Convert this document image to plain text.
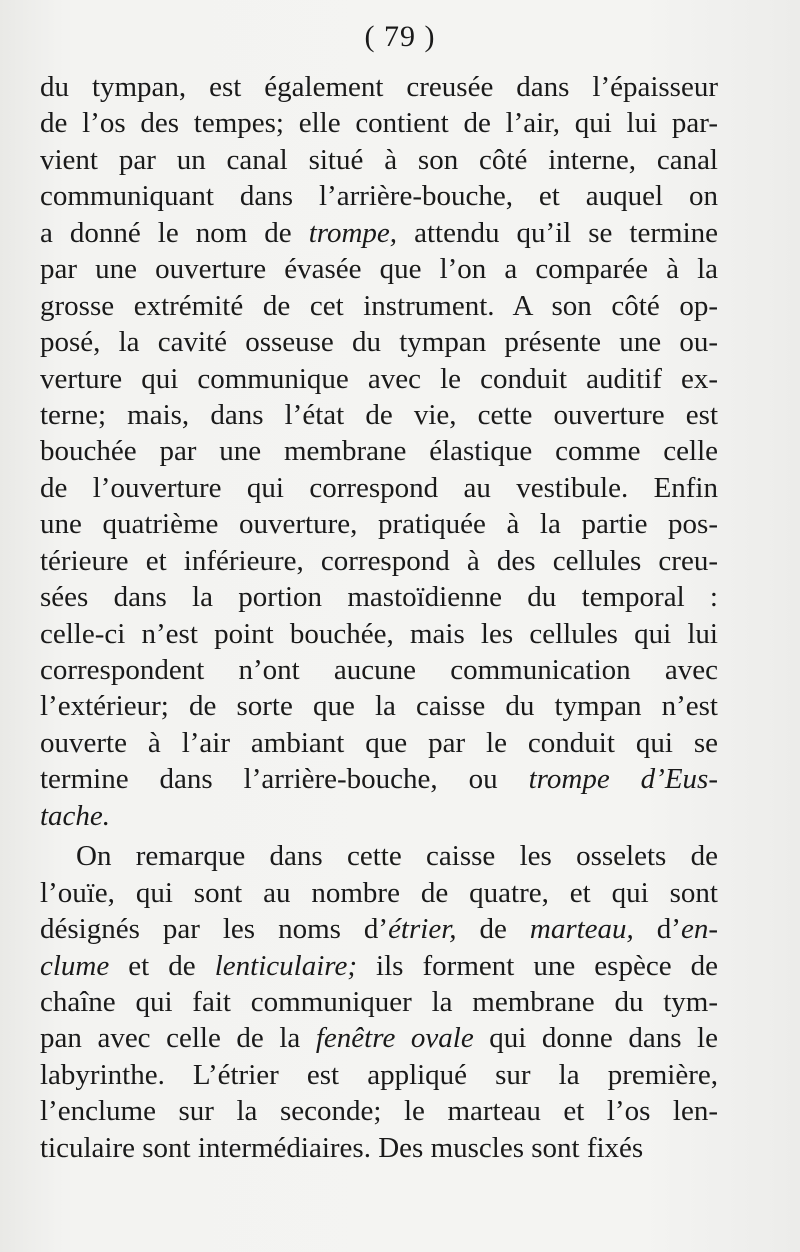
( 79 )
du tympan, est également creusée dans l’épaisseur
de l’os des tempes; elle contient de l’air, qui lui par-
vient par un canal situé à son côté interne, canal
communiquant dans l’arrière-bouche, et auquel on
a donné le nom de trompe, attendu qu’il se termine
par une ouverture évasée que l’on a comparée à la
grosse extrémité de cet instrument. A son côté op-
posé, la cavité osseuse du tympan présente une ou-
verture qui communique avec le conduit auditif ex-
terne; mais, dans l’état de vie, cette ouverture est
bouchée par une membrane élastique comme celle
de l’ouverture qui correspond au vestibule. Enfin
une quatrième ouverture, pratiquée à la partie pos-
térieure et inférieure, correspond à des cellules creu-
sées dans la portion mastoïdienne du temporal :
celle-ci n’est point bouchée, mais les cellules qui lui
correspondent n’ont aucune communication avec
l’extérieur; de sorte que la caisse du tympan n’est
ouverte à l’air ambiant que par le conduit qui se
termine dans l’arrière-bouche, ou trompe d’Eus-
tache.
On remarque dans cette caisse les osselets de
l’ouïe, qui sont au nombre de quatre, et qui sont
désignés par les noms d’étrier, de marteau, d’en-
clume et de lenticulaire; ils forment une espèce de
chaîne qui fait communiquer la membrane du tym-
pan avec celle de la fenêtre ovale qui donne dans le
labyrinthe. L’étrier est appliqué sur la première,
l’enclume sur la seconde; le marteau et l’os len-
ticulaire sont intermédiaires. Des muscles sont fixés
